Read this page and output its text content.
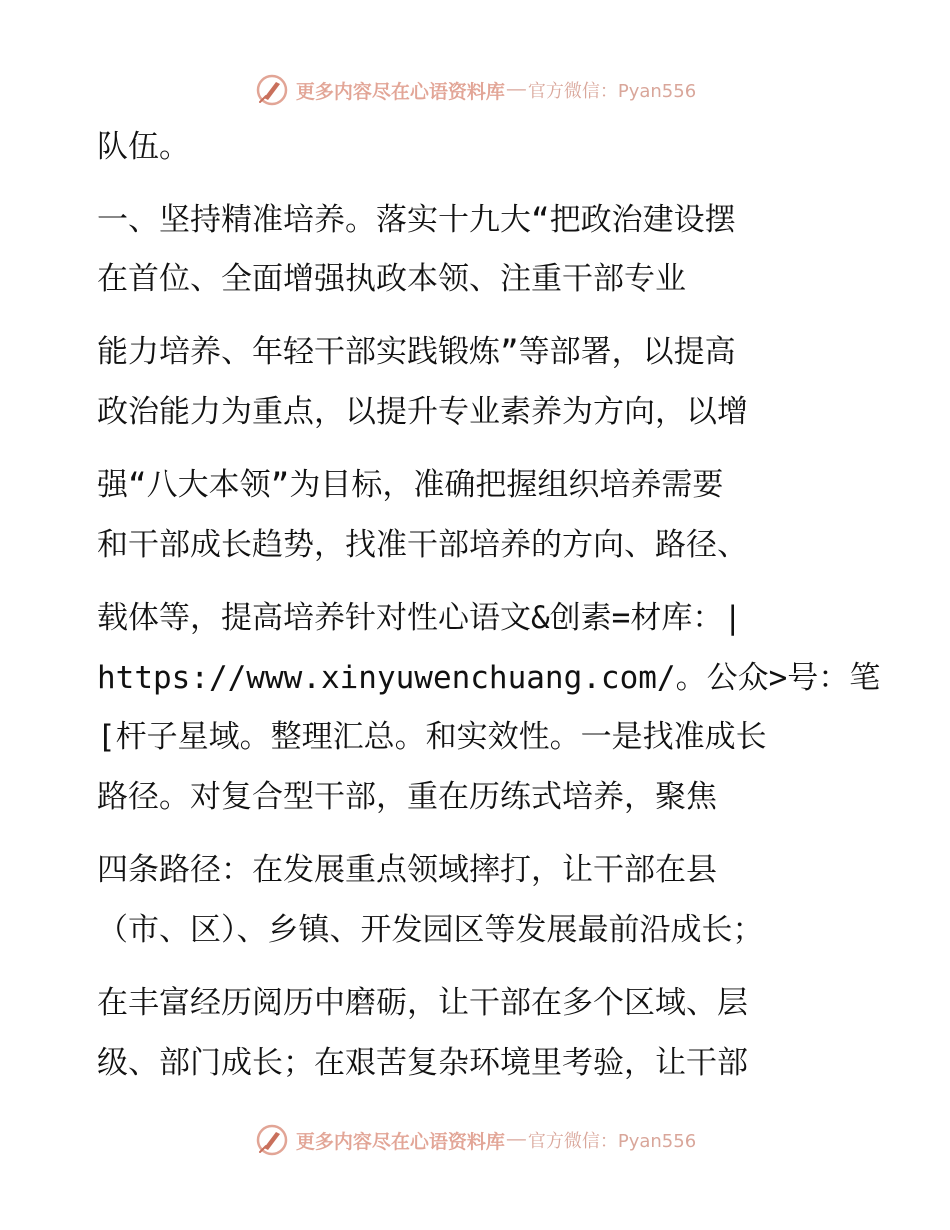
更多内容尽在心语资料库 — 官方微信：Pyan556
队伍。
一、坚持精准培养。落实十九大“把政治建设摆
在首位、全面增强执政本领、注重干部专业
能力培养、年轻干部实践锻炼”等部署，以提高
政治能力为重点，以提升专业素养为方向，以增
强“八大本领”为目标，准确把握组织培养需要
和干部成长趋势，找准干部培养的方向、路径、
载体等，提高培养针对性心语文&创素=材库：|
https://www.xinyuwenchuang.com/。公众>号：笔
[杆子星域。整理汇总。和实效性。一是找准成长
路径。对复合型干部，重在历练式培养，聚焦
四条路径：在发展重点领域摔打，让干部在县
（市、区）、乡镇、开发园区等发展最前沿成长；
在丰富经历阅历中磨砺，让干部在多个区域、层
级、部门成长；在艰苦复杂环境里考验，让干部
更多内容尽在心语资料库 — 官方微信：Pyan556
